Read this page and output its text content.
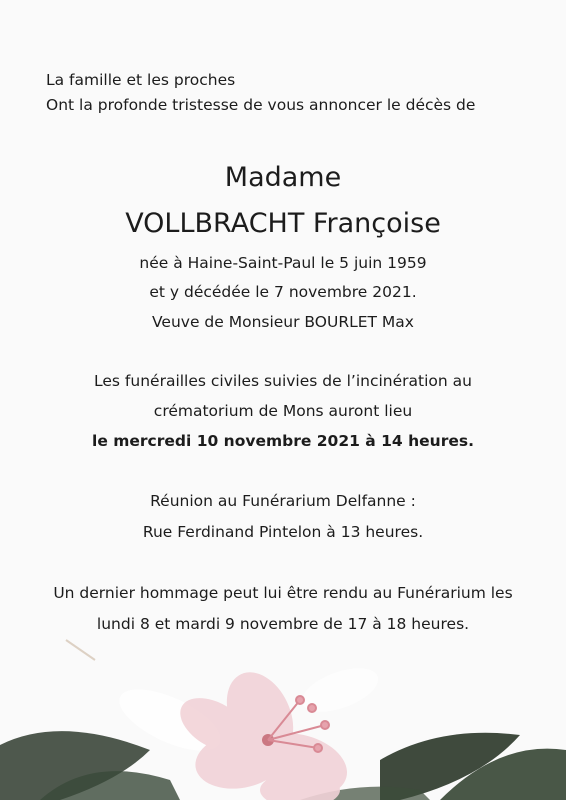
La famille et les proches
Ont la profonde tristesse de vous annoncer le décès de
Madame
VOLLBRACHT Françoise
née à Haine-Saint-Paul le 5 juin 1959
et y décédée le 7 novembre 2021.
Veuve de Monsieur BOURLET Max
Les funérailles civiles suivies de l’incinération au
crématorium de Mons auront lieu
le mercredi 10 novembre 2021 à 14 heures.
Réunion au Funérarium Delfanne :
Rue Ferdinand Pintelon à 13 heures.
Un dernier hommage peut lui être rendu au Funérarium les
lundi 8 et mardi 9 novembre de 17 à 18 heures.
